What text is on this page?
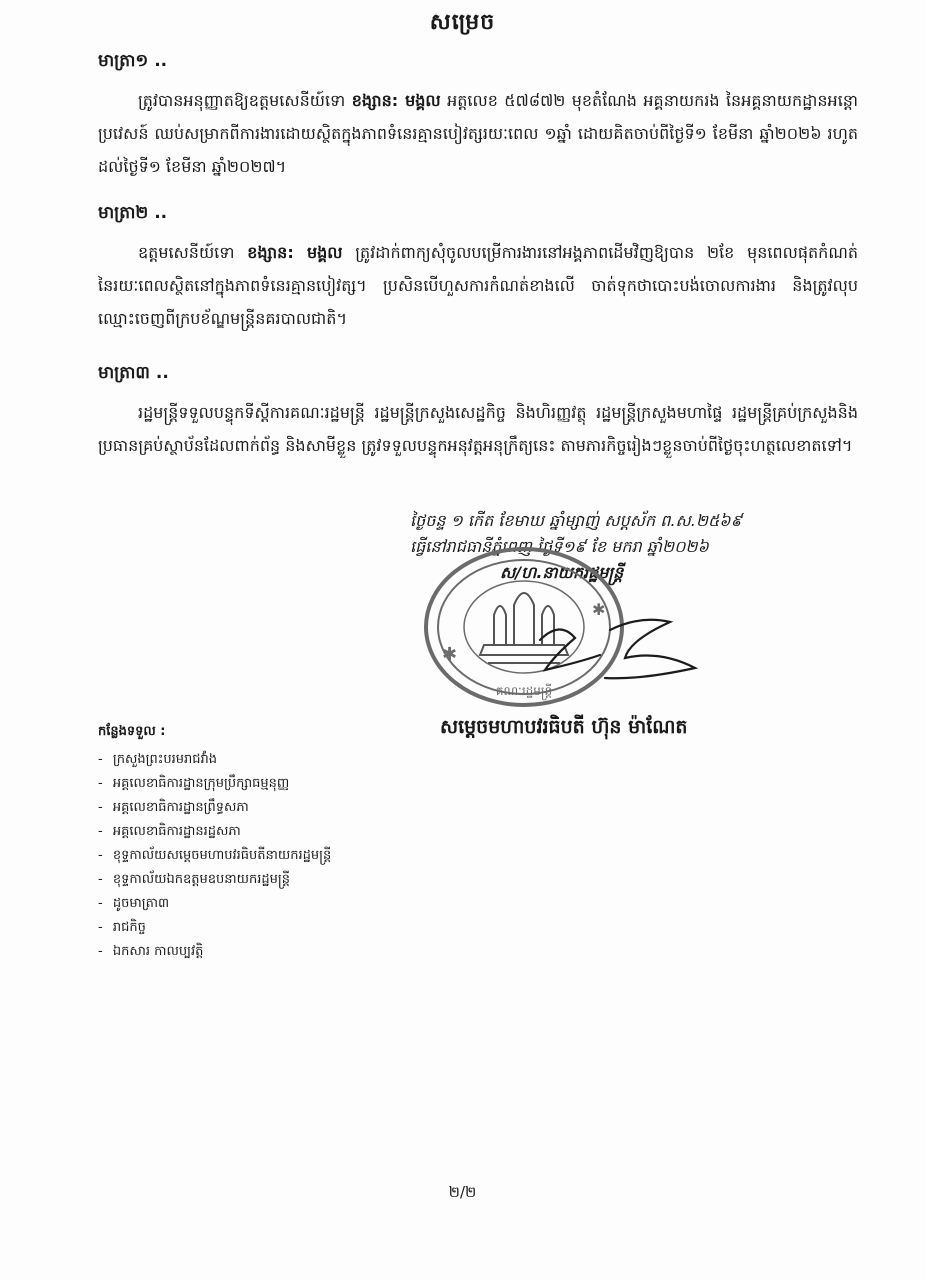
សម្រេច
មាត្រា១ ..
ត្រូវបានអនុញ្ញាតឱ្យឧត្ដមសេនីយ៍ទោ ខង្សាន: មង្គល អត្តលេខ ៥៧៨៧២ មុខតំណែង អគ្គនាយករង នៃអគ្គនាយកដ្ឋានអន្តោប្រវេសន៍ ឈប់សម្រាកពីការងារដោយស្ថិតក្នុងភាពទំនេរគ្មានបៀវត្សរយៈពេល ១ឆ្នាំ ដោយគិតចាប់ពីថ្ងៃទី១ ខែមីនា ឆ្នាំ២០២៦ រហូតដល់ថ្ងៃទី១ ខែមីនា ឆ្នាំ២០២៧។
មាត្រា២ ..
ឧត្ដមសេនីយ៍ទោ ខង្សាន: មង្គល ត្រូវដាក់ពាក្យសុំចូលបម្រើការងារនៅអង្គភាពដើមវិញឱ្យបាន ២ខែ មុនពេលផុតកំណត់នៃរយៈពេលស្ថិតនៅក្នុងភាពទំនេរគ្មានបៀវត្ស។ ប្រសិនបើហួសការកំណត់ខាងលើ ចាត់ទុកថាបោះបង់ចោលការងារ និងត្រូវលុបឈ្មោះចេញពីក្របខ័ណ្ឌមន្ត្រីនគរបាលជាតិ។
មាត្រា៣ ..
រដ្ឋមន្ត្រីទទួលបន្ទុកទីស្តីការគណៈរដ្ឋមន្ត្រី រដ្ឋមន្ត្រីក្រសួងសេដ្ឋកិច្ច និងហិរញ្ញវត្ថុ រដ្ឋមន្ត្រីក្រសួងមហាផ្ទៃ រដ្ឋមន្ត្រីគ្រប់ក្រសួងនិងប្រធានគ្រប់ស្ថាប័នដែលពាក់ព័ន្ធ និងសាមីខ្លួន ត្រូវទទួលបន្ទុកអនុវត្តអនុក្រឹត្យនេះ តាមភារកិច្ចរៀងៗខ្លួនចាប់ពីថ្ងៃចុះហត្ថលេខាតទៅ។
ថ្ងៃចន្ទ ១ កើត ខែមាឃ ឆ្នាំម្សាញ់ សប្តស័ក ព.ស.២៥៦៩
ធ្វើនៅរាជធានីភ្នំពេញ ថ្ងៃទី១៩ ខែ មករា ឆ្នាំ២០២៦
ស/ហ.នាយករដ្ឋមន្ត្រី
✱
✱
គណៈរដ្ឋមន្ត្រី
សម្ដេចមហាបវរធិបតី ហ៊ុន ម៉ាណែត
កន្លែងទទួល :
- ក្រសួងព្រះបរមរាជវាំង
- អគ្គលេខាធិការដ្ឋានក្រុមប្រឹក្សាធម្មនុញ្ញ
- អគ្គលេខាធិការដ្ឋានព្រឹទ្ធសភា
- អគ្គលេខាធិការដ្ឋានរដ្ឋសភា
- ខុទ្ទកាល័យសម្ដេចមហាបវរធិបតីនាយករដ្ឋមន្ត្រី
- ខុទ្ទកាល័យឯកឧត្តមឧបនាយករដ្ឋមន្ត្រី
- ដូចមាត្រា៣
- រាជកិច្ច
- ឯកសារ កាលប្បវត្តិ
២/២
